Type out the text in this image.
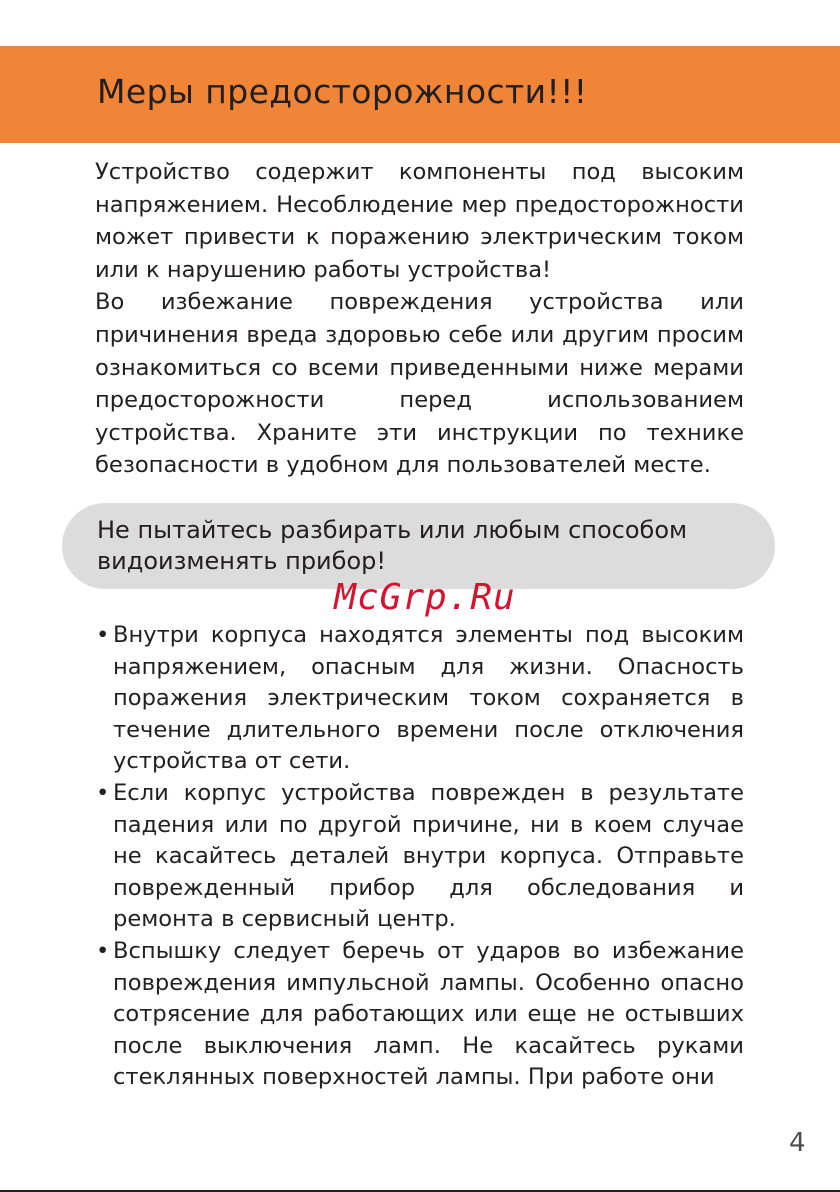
Меры предосторожности!!!

Устройство содержит компоненты под высоким напряжением. Несоблюдение мер предосторожности может привести к поражению электрическим током или к нарушению работы устройства!

Во избежание повреждения устройства или причинения вреда здоровью себе или другим просим ознакомиться со всеми приведенными ниже мерами предосторожности перед использованием устройства. Храните эти инструкции по технике безопасности в удобном для пользователей месте.

Не пытайтесь разбирать или любым способом видоизменять прибор!

McGrp.Ru
• Внутри корпуса находятся элементы под высоким напряжением, опасным для жизни. Опасность поражения электрическим током сохраняется в течение длительного времени после отключения устройства от сети.
• Если корпус устройства поврежден в результате падения или по другой причине, ни в коем случае не касайтесь деталей внутри корпуса. Отправьте поврежденный прибор для обследования и ремонта в сервисный центр.
• Вспышку следует беречь от ударов во избежание повреждения импульсной лампы. Особенно опасно сотрясение для работающих или еще не остывших после выключения ламп. Не касайтесь руками стеклянных поверхностей лампы. При работе они
4
